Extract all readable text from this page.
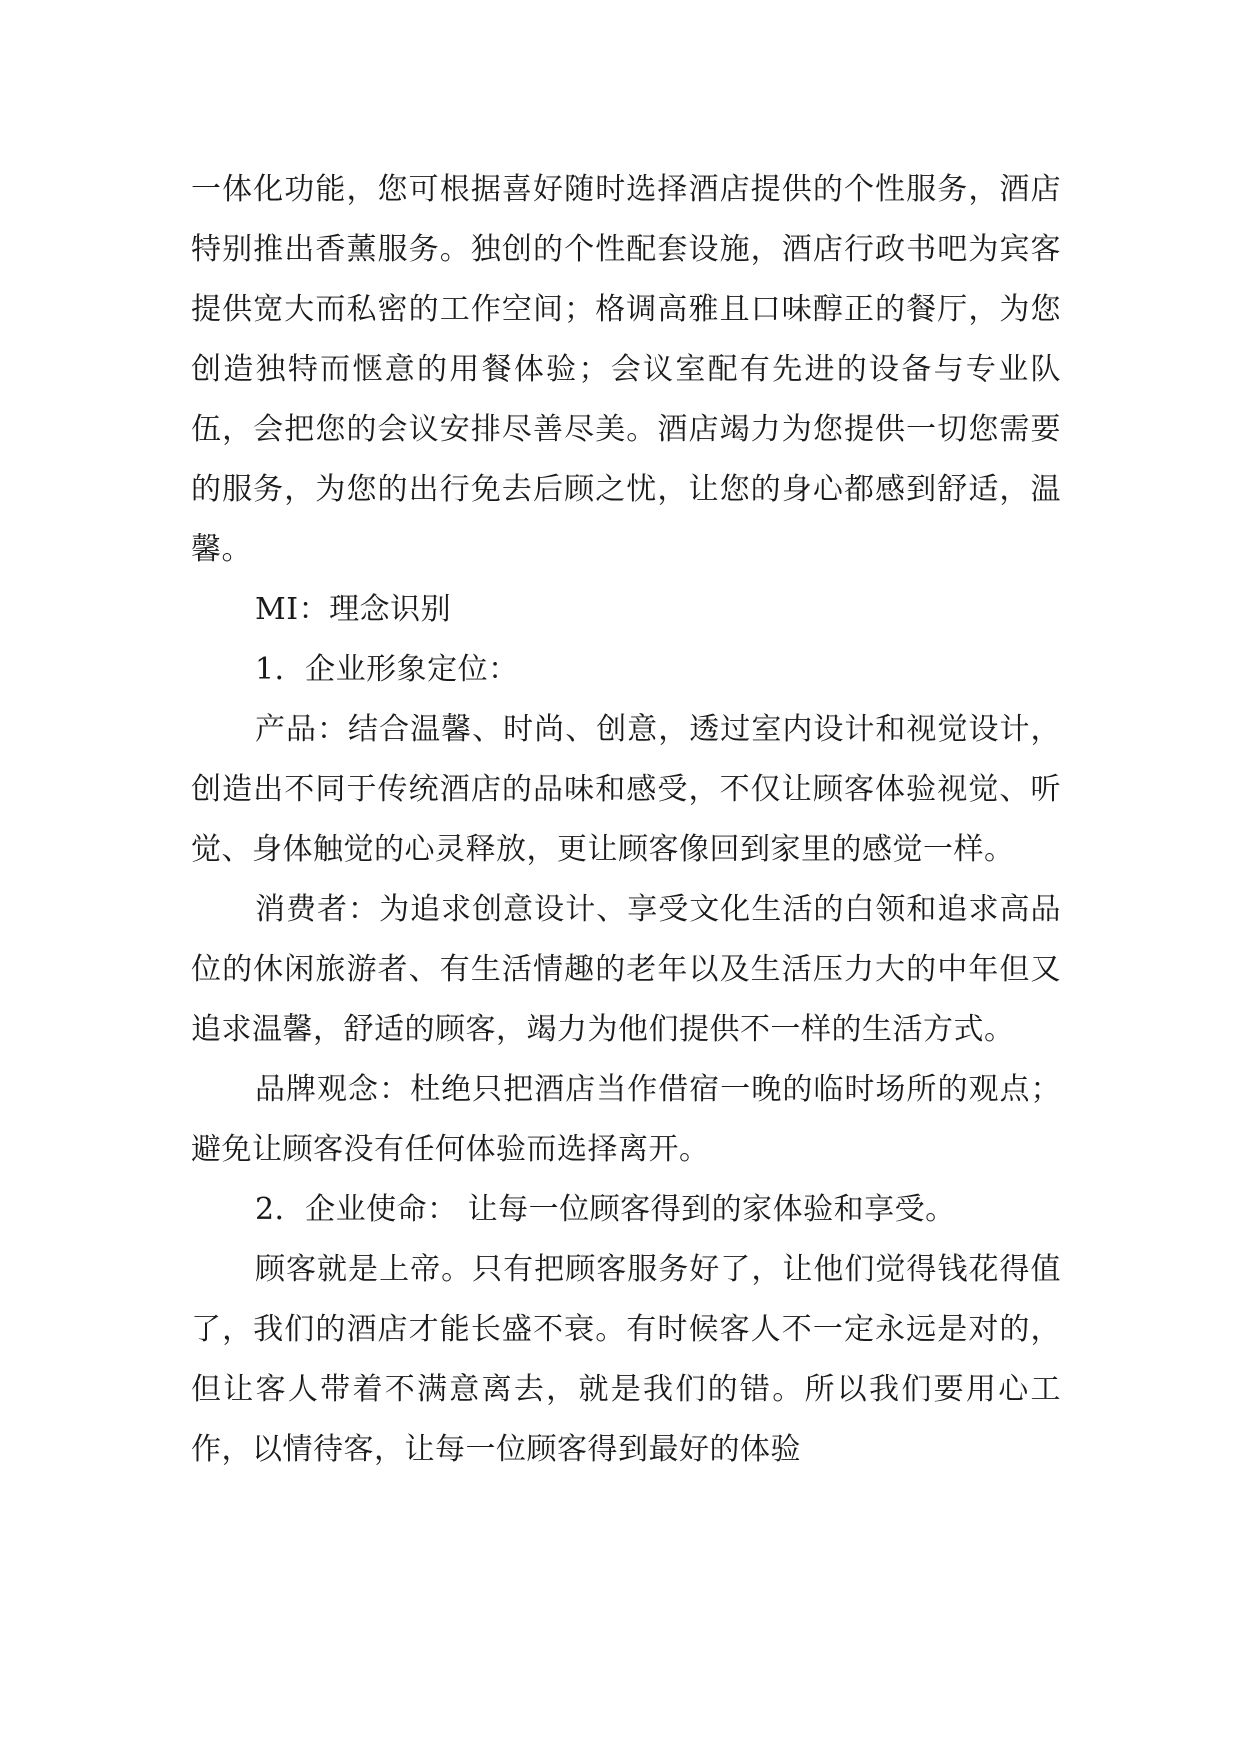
一体化功能，您可根据喜好随时选择酒店提供的个性服务，酒店特别推出香薰服务。独创的个性配套设施，酒店行政书吧为宾客提供宽大而私密的工作空间；格调高雅且口味醇正的餐厅，为您创造独特而惬意的用餐体验；会议室配有先进的设备与专业队伍，会把您的会议安排尽善尽美。酒店竭力为您提供一切您需要的服务，为您的出行免去后顾之忧，让您的身心都感到舒适，温馨。

MI：理念识别

1．企业形象定位：

产品：结合温馨、时尚、创意，透过室内设计和视觉设计，创造出不同于传统酒店的品味和感受，不仅让顾客体验视觉、听觉、身体触觉的心灵释放，更让顾客像回到家里的感觉一样。

消费者：为追求创意设计、享受文化生活的白领和追求高品位的休闲旅游者、有生活情趣的老年以及生活压力大的中年但又追求温馨，舒适的顾客，竭力为他们提供不一样的生活方式。

品牌观念：杜绝只把酒店当作借宿一晚的临时场所的观点；避免让顾客没有任何体验而选择离开。

2．企业使命： 让每一位顾客得到的家体验和享受。

顾客就是上帝。只有把顾客服务好了，让他们觉得钱花得值了，我们的酒店才能长盛不衰。有时候客人不一定永远是对的，但让客人带着不满意离去，就是我们的错。所以我们要用心工作，以情待客，让每一位顾客得到最好的体验
